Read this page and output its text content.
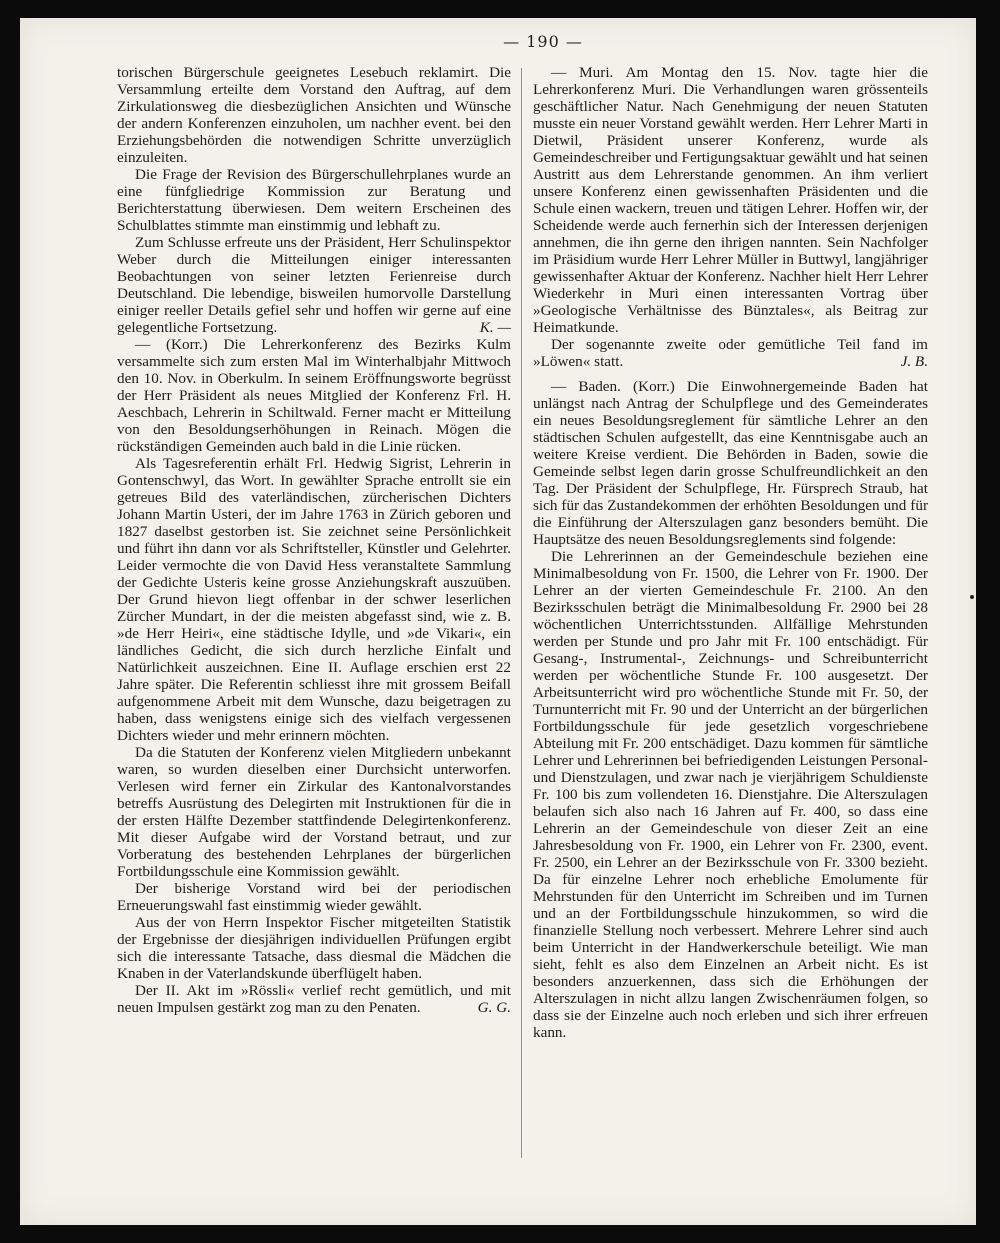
— 190 —

torischen Bürgerschule geeignetes Lesebuch reklamirt. Die Versammlung erteilte dem Vorstand den Auftrag, auf dem Zirkulationsweg die diesbezüglichen Ansichten und Wünsche der andern Konferenzen einzuholen, um nachher event. bei den Erziehungsbehörden die notwendigen Schritte unverzüglich einzuleiten.

Die Frage der Revision des Bürgerschullehrplanes wurde an eine fünfgliedrige Kommission zur Beratung und Berichterstattung überwiesen. Dem weitern Erscheinen des Schulblattes stimmte man einstimmig und lebhaft zu.

Zum Schlusse erfreute uns der Präsident, Herr Schulinspektor Weber durch die Mitteilungen einiger interessanten Beobachtungen von seiner letzten Ferienreise durch Deutschland. Die lebendige, bisweilen humorvolle Darstellung einiger reeller Details gefiel sehr und hoffen wir gerne auf eine gelegentliche Fortsetzung.	K. —

— (Korr.) Die Lehrerkonferenz des Bezirks Kulm versammelte sich zum ersten Mal im Winterhalbjahr Mittwoch den 10. Nov. in Oberkulm. In seinem Eröffnungsworte begrüsst der Herr Präsident als neues Mitglied der Konferenz Frl. H. Aeschbach, Lehrerin in Schiltwald. Ferner macht er Mitteilung von den Besoldungserhöhungen in Reinach. Mögen die rückständigen Gemeinden auch bald in die Linie rücken.

Als Tagesreferentin erhält Frl. Hedwig Sigrist, Lehrerin in Gontenschwyl, das Wort. In gewählter Sprache entrollt sie ein getreues Bild des vaterländischen, zürcherischen Dichters Johann Martin Usteri, der im Jahre 1763 in Zürich geboren und 1827 daselbst gestorben ist. Sie zeichnet seine Persönlichkeit und führt ihn dann vor als Schriftsteller, Künstler und Gelehrter. Leider vermochte die von David Hess veranstaltete Sammlung der Gedichte Usteris keine grosse Anziehungskraft auszuüben. Der Grund hievon liegt offenbar in der schwer leserlichen Zürcher Mundart, in der die meisten abgefasst sind, wie z. B. »de Herr Heiri«, eine städtische Idylle, und »de Vikari«, ein ländliches Gedicht, die sich durch herzliche Einfalt und Natürlichkeit auszeichnen. Eine II. Auflage erschien erst 22 Jahre später. Die Referentin schliesst ihre mit grossem Beifall aufgenommene Arbeit mit dem Wunsche, dazu beigetragen zu haben, dass wenigstens einige sich des vielfach vergessenen Dichters wieder und mehr erinnern möchten.

Da die Statuten der Konferenz vielen Mitgliedern unbekannt waren, so wurden dieselben einer Durchsicht unterworfen. Verlesen wird ferner ein Zirkular des Kantonalvorstandes betreffs Ausrüstung des Delegirten mit Instruktionen für die in der ersten Hälfte Dezember stattfindende Delegirtenkonferenz. Mit dieser Aufgabe wird der Vorstand betraut, und zur Vorberatung des bestehenden Lehrplanes der bürgerlichen Fortbildungsschule eine Kommission gewählt.

Der bisherige Vorstand wird bei der periodischen Erneuerungswahl fast einstimmig wieder gewählt.

Aus der von Herrn Inspektor Fischer mitgeteilten Statistik der Ergebnisse der diesjährigen individuellen Prüfungen ergibt sich die interessante Tatsache, dass diesmal die Mädchen die Knaben in der Vaterlandskunde überflügelt haben.

Der II. Akt im »Rössli« verlief recht gemütlich, und mit neuen Impulsen gestärkt zog man zu den Penaten.	G. G.

— Muri. Am Montag den 15. Nov. tagte hier die Lehrerkonferenz Muri. Die Verhandlungen waren grössenteils geschäftlicher Natur. Nach Genehmigung der neuen Statuten musste ein neuer Vorstand gewählt werden. Herr Lehrer Marti in Dietwil, Präsident unserer Konferenz, wurde als Gemeindeschreiber und Fertigungsaktuar gewählt und hat seinen Austritt aus dem Lehrerstande genommen. An ihm verliert unsere Konferenz einen gewissenhaften Präsidenten und die Schule einen wackern, treuen und tätigen Lehrer. Hoffen wir, der Scheidende werde auch fernerhin sich der Interessen derjenigen annehmen, die ihn gerne den ihrigen nannten. Sein Nachfolger im Präsidium wurde Herr Lehrer Müller in Buttwyl, langjähriger gewissenhafter Aktuar der Konferenz. Nachher hielt Herr Lehrer Wiederkehr in Muri einen interessanten Vortrag über »Geologische Verhältnisse des Bünztales«, als Beitrag zur Heimatkunde.

Der sogenannte zweite oder gemütliche Teil fand im »Löwen« statt.	J. B.

— Baden. (Korr.) Die Einwohnergemeinde Baden hat unlängst nach Antrag der Schulpflege und des Gemeinderates ein neues Besoldungsreglement für sämtliche Lehrer an den städtischen Schulen aufgestellt, das eine Kenntnisgabe auch an weitere Kreise verdient. Die Behörden in Baden, sowie die Gemeinde selbst legen darin grosse Schulfreundlichkeit an den Tag. Der Präsident der Schulpflege, Hr. Fürsprech Straub, hat sich für das Zustandekommen der erhöhten Besoldungen und für die Einführung der Alterszulagen ganz besonders bemüht. Die Hauptsätze des neuen Besoldungsreglements sind folgende:

Die Lehrerinnen an der Gemeindeschule beziehen eine Minimalbesoldung von Fr. 1500, die Lehrer von Fr. 1900. Der Lehrer an der vierten Gemeindeschule Fr. 2100. An den Bezirksschulen beträgt die Minimalbesoldung Fr. 2900 bei 28 wöchentlichen Unterrichtsstunden. Allfällige Mehrstunden werden per Stunde und pro Jahr mit Fr. 100 entschädigt. Für Gesang-, Instrumental-, Zeichnungs- und Schreibunterricht werden per wöchentliche Stunde Fr. 100 ausgesetzt. Der Arbeitsunterricht wird pro wöchentliche Stunde mit Fr. 50, der Turnunterricht mit Fr. 90 und der Unterricht an der bürgerlichen Fortbildungsschule für jede gesetzlich vorgeschriebene Abteilung mit Fr. 200 entschädiget. Dazu kommen für sämtliche Lehrer und Lehrerinnen bei befriedigenden Leistungen Personal- und Dienstzulagen, und zwar nach je vierjährigem Schuldienste Fr. 100 bis zum vollendeten 16. Dienstjahre. Die Alterszulagen belaufen sich also nach 16 Jahren auf Fr. 400, so dass eine Lehrerin an der Gemeindeschule von dieser Zeit an eine Jahresbesoldung von Fr. 1900, ein Lehrer von Fr. 2300, event. Fr. 2500, ein Lehrer an der Bezirksschule von Fr. 3300 bezieht. Da für einzelne Lehrer noch erhebliche Emolumente für Mehrstunden für den Unterricht im Schreiben und im Turnen und an der Fortbildungsschule hinzukommen, so wird die finanzielle Stellung noch verbessert. Mehrere Lehrer sind auch beim Unterricht in der Handwerkerschule beteiligt. Wie man sieht, fehlt es also dem Einzelnen an Arbeit nicht. Es ist besonders anzuerkennen, dass sich die Erhöhungen der Alterszulagen in nicht allzu langen Zwischenräumen folgen, so dass sie der Einzelne auch noch erleben und sich ihrer erfreuen kann.
